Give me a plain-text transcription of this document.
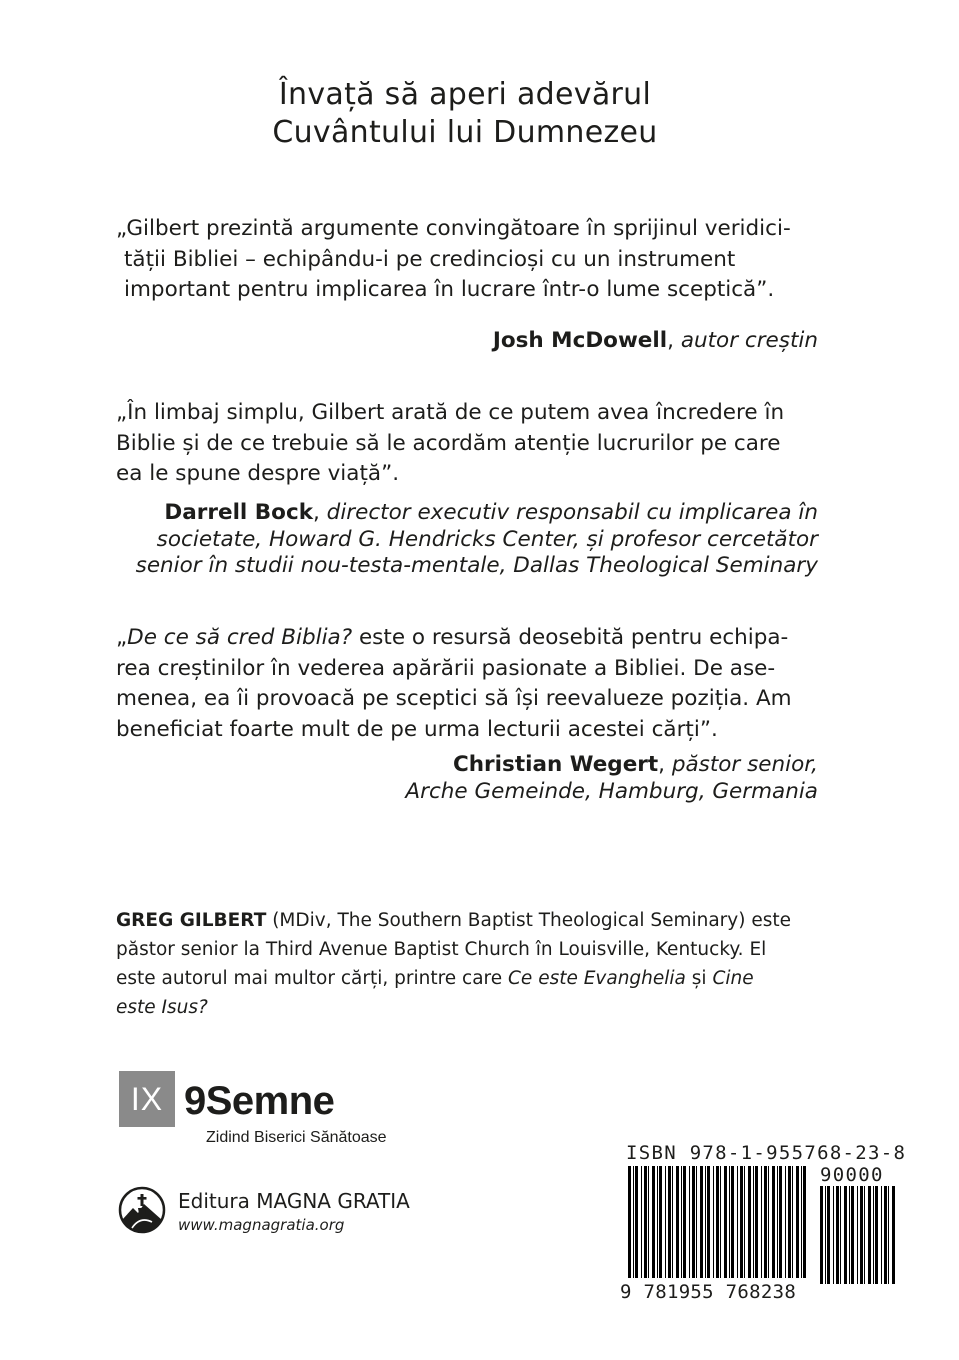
Învață să aperi adevărul
Cuvântului lui Dumnezeu
„Gilbert prezintă argumente convingătoare în sprijinul veridici-
tății Bibliei – echipându-i pe credincioși cu un instrument
important pentru implicarea în lucrare într-o lume sceptică”.
Josh McDowell, autor creștin
„În limbaj simplu, Gilbert arată de ce putem avea încredere în
Biblie și de ce trebuie să le acordăm atenție lucrurilor pe care
ea le spune despre viață”.
Darrell Bock, director executiv responsabil cu implicarea în
societate, Howard G. Hendricks Center, și profesor cercetător
senior în studii nou-testa-mentale, Dallas Theological Seminary
„De ce să cred Biblia? este o resursă deosebită pentru echipa-
rea creștinilor în vederea apărării pasionate a Bibliei. De ase-
menea, ea îi provoacă pe sceptici să își reevalueze poziția. Am
beneficiat foarte mult de pe urma lecturii acestei cărți”.
Christian Wegert, păstor senior,
Arche Gemeinde, Hamburg, Germania
GREG GILBERT (MDiv, The Southern Baptist Theological Seminary) este
păstor senior la Third Avenue Baptist Church în Louisville, Kentucky. El
este autorul mai multor cărți, printre care Ce este Evanghelia și Cine
este Isus?
IX 9Semne
Zidind Biserici Sănătoase
Editura MAGNA GRATIA
www.magnagratia.org
ISBN 978-1-955768-23-8
90000
9 781955 768238
